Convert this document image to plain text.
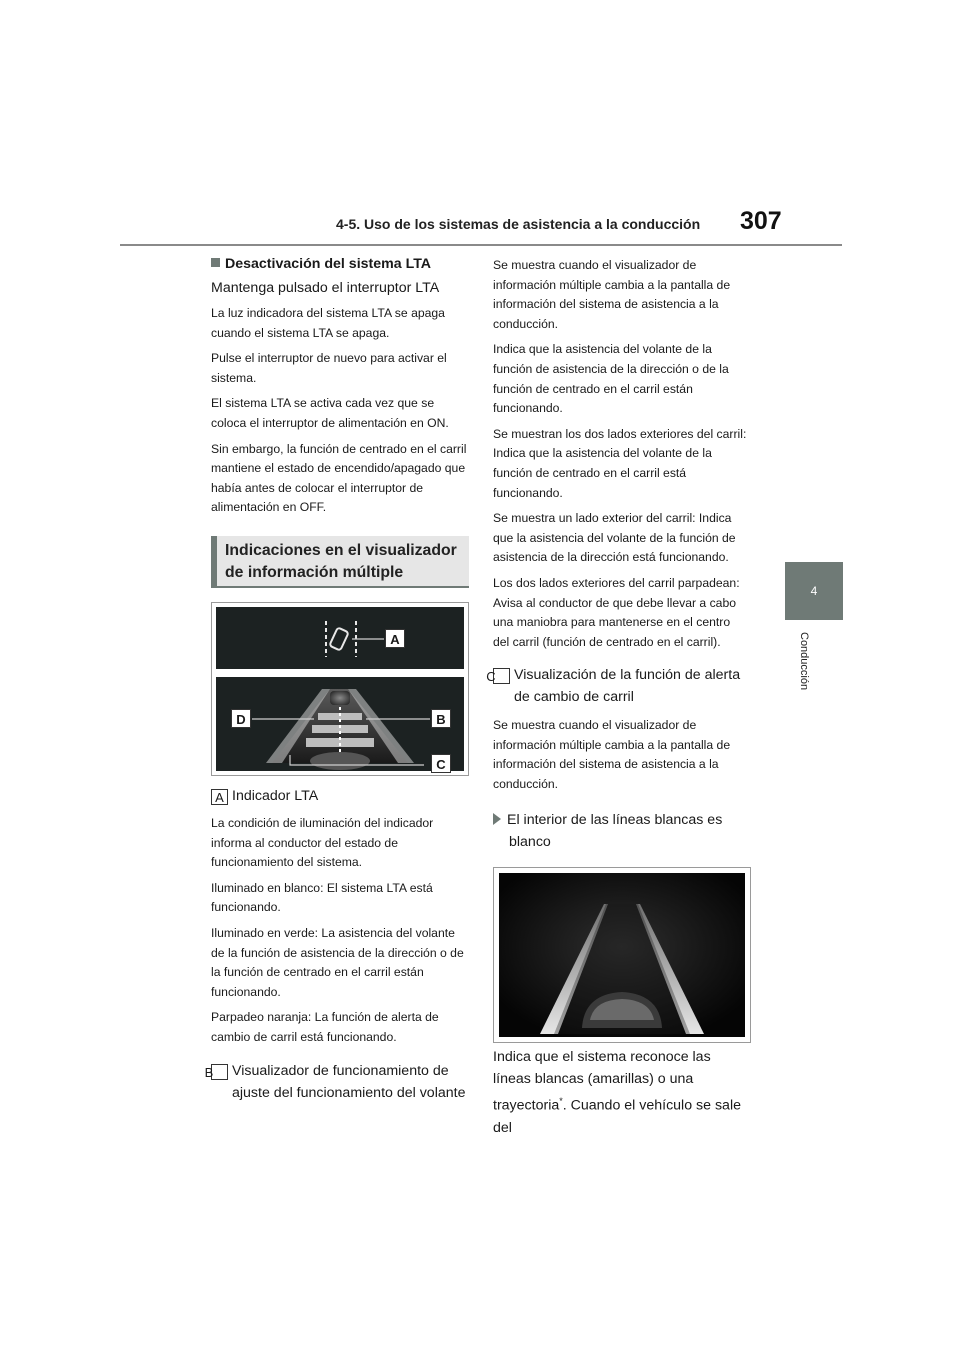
4-5. Uso de los sistemas de asistencia a la conducción 307
4
Conducción
Desactivación del sistema LTA
Mantenga pulsado el interruptor LTA

La luz indicadora del sistema LTA se apaga cuando el sistema LTA se apaga.

Pulse el interruptor de nuevo para activar el sistema.

El sistema LTA se activa cada vez que se coloca el interruptor de alimentación en ON.

Sin embargo, la función de centrado en el carril mantiene el estado de encendido/apagado que había antes de colocar el interruptor de alimentación en OFF.

Indicaciones en el visualizador de información múltiple
A
B
C
D
A Indicador LTA

La condición de iluminación del indicador informa al conductor del estado de funcionamiento del sistema.

Iluminado en blanco: El sistema LTA está funcionando.

Iluminado en verde: La asistencia del volante de la función de asistencia de la dirección o de la función de centrado en el carril están funcionando.

Parpadeo naranja: La función de alerta de cambio de carril está funcionando.

B Visualizador de funcionamiento de ajuste del funcionamiento del volante

Se muestra cuando el visualizador de información múltiple cambia a la pantalla de información del sistema de asistencia a la conducción.

Indica que la asistencia del volante de la función de asistencia de la dirección o de la función de centrado en el carril están funcionando.

Se muestran los dos lados exteriores del carril: Indica que la asistencia del volante de la función de centrado en el carril está funcionando.

Se muestra un lado exterior del carril: Indica que la asistencia del volante de la función de asistencia de la dirección está funcionando.

Los dos lados exteriores del carril parpadean: Avisa al conductor de que debe llevar a cabo una maniobra para mantenerse en el centro del carril (función de centrado en el carril).

C Visualización de la función de alerta de cambio de carril

Se muestra cuando el visualizador de información múltiple cambia a la pantalla de información del sistema de asistencia a la conducción.

El interior de las líneas blancas es blanco
Indica que el sistema reconoce las líneas blancas (amarillas) o una trayectoria*. Cuando el vehículo se sale del
